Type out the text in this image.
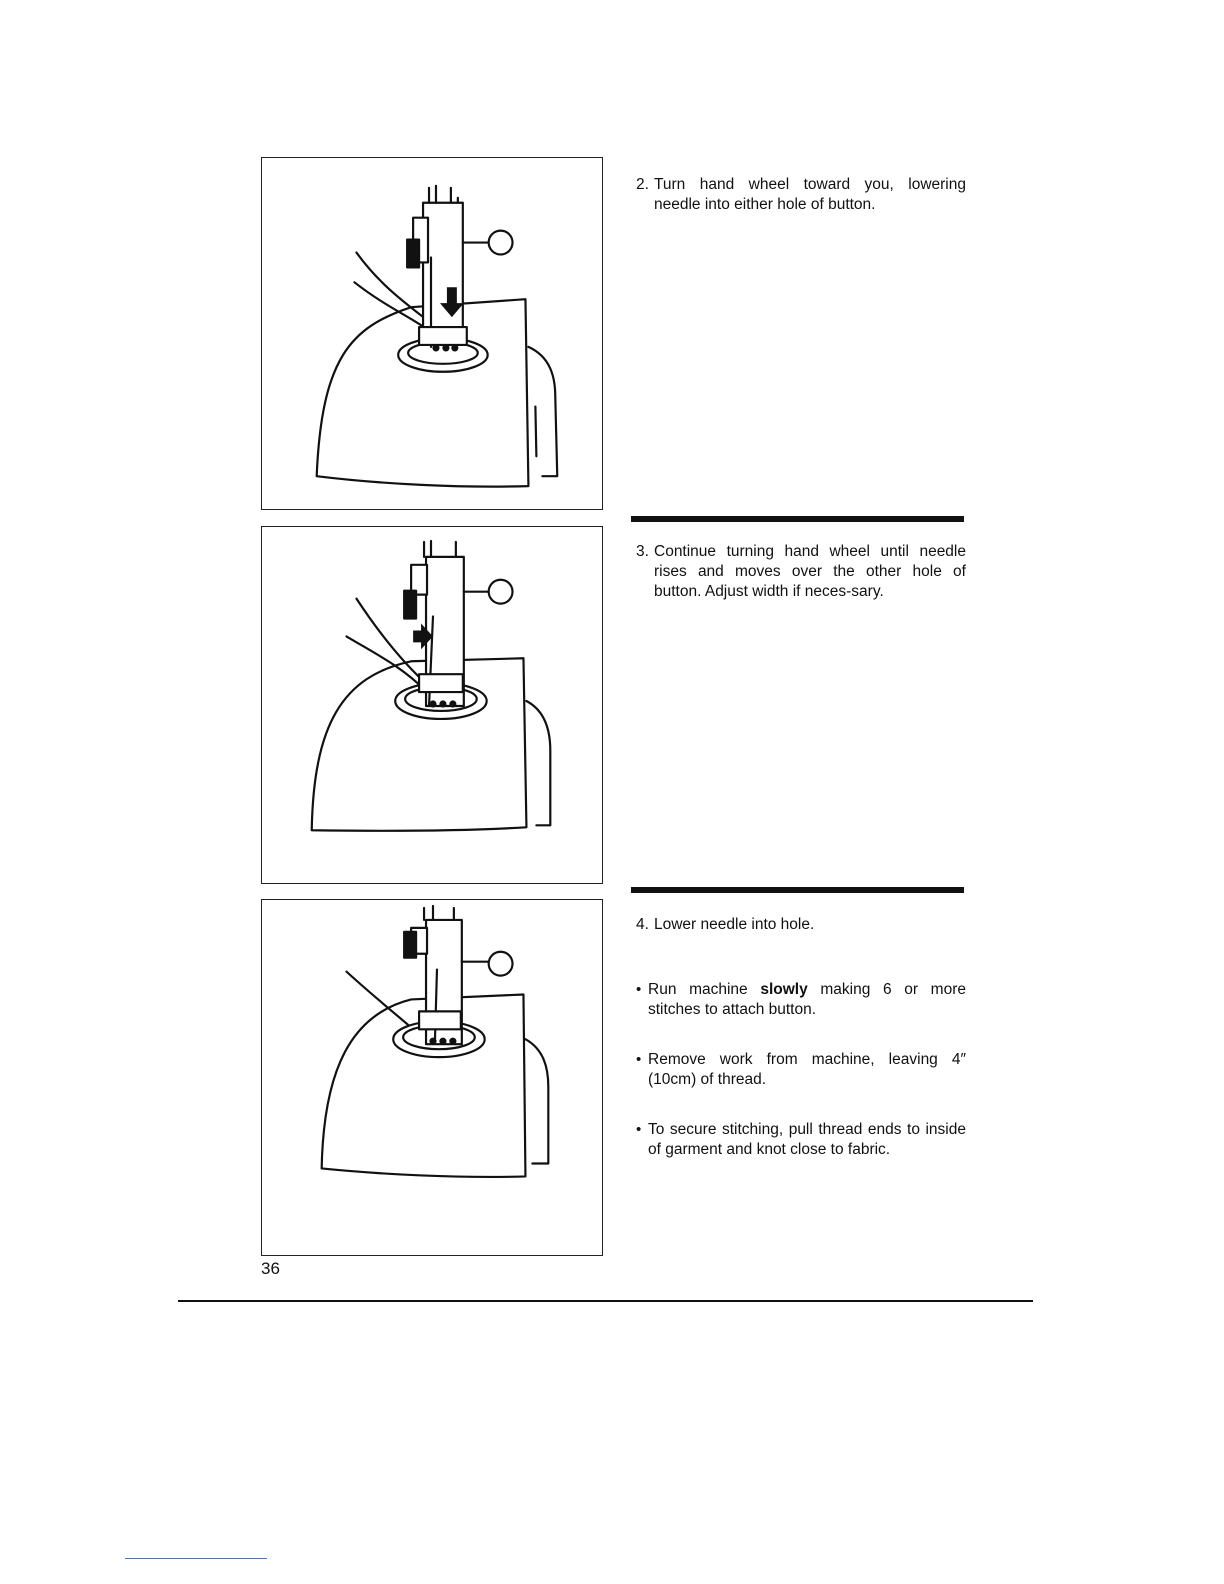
2. Turn hand wheel toward you, lowering needle into either hole of button.
3. Continue turning hand wheel until needle rises and moves over the other hole of button. Adjust width if neces-sary.
4. Lower needle into hole.
• Run machine slowly making 6 or more stitches to attach button.
• Remove work from machine, leaving 4″ (10cm) of thread.
• To secure stitching, pull thread ends to inside of garment and knot close to fabric.
36
